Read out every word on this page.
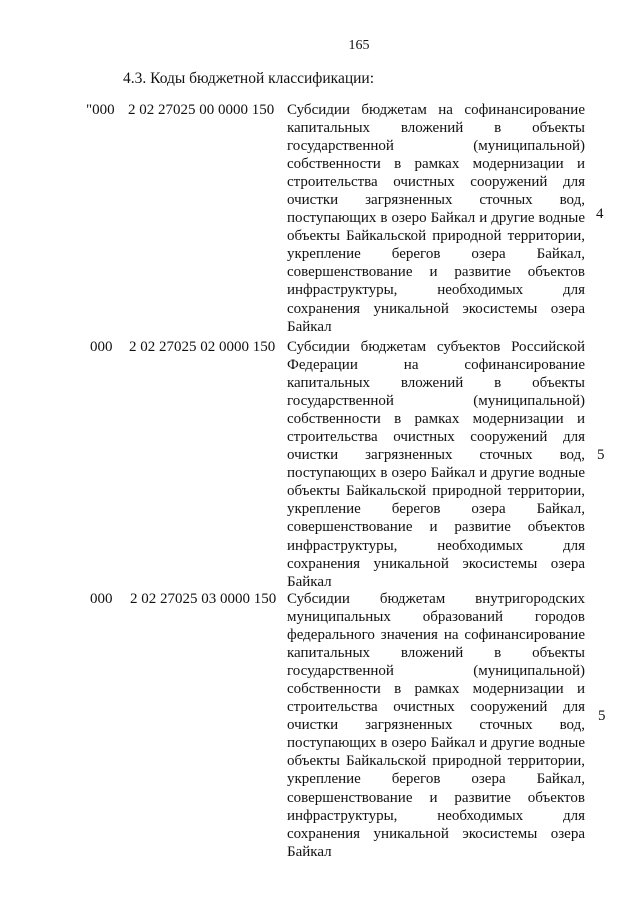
165
4.3. Коды бюджетной классификации:
"000 2 02 27025 00 0000 150 Субсидии бюджетам на софинансирование
капитальных вложений в объекты
государственной (муниципальной)
собственности в рамках модернизации и
строительства очистных сооружений для
очистки загрязненных сточных вод,
поступающих в озеро Байкал и другие водные
объекты Байкальской природной территории,
укрепление берегов озера Байкал,
совершенствование и развитие объектов
инфраструктуры, необходимых для
сохранения уникальной экосистемы озера
Байкал
4
000 2 02 27025 02 0000 150 Субсидии бюджетам субъектов Российской
Федерации на софинансирование
капитальных вложений в объекты
государственной (муниципальной)
собственности в рамках модернизации и
строительства очистных сооружений для
очистки загрязненных сточных вод,
поступающих в озеро Байкал и другие водные
объекты Байкальской природной территории,
укрепление берегов озера Байкал,
совершенствование и развитие объектов
инфраструктуры, необходимых для
сохранения уникальной экосистемы озера
Байкал
5
000 2 02 27025 03 0000 150 Субсидии бюджетам внутригородских
муниципальных образований городов
федерального значения на софинансирование
капитальных вложений в объекты
государственной (муниципальной)
собственности в рамках модернизации и
строительства очистных сооружений для
очистки загрязненных сточных вод,
поступающих в озеро Байкал и другие водные
объекты Байкальской природной территории,
укрепление берегов озера Байкал,
совершенствование и развитие объектов
инфраструктуры, необходимых для
сохранения уникальной экосистемы озера
Байкал
5
